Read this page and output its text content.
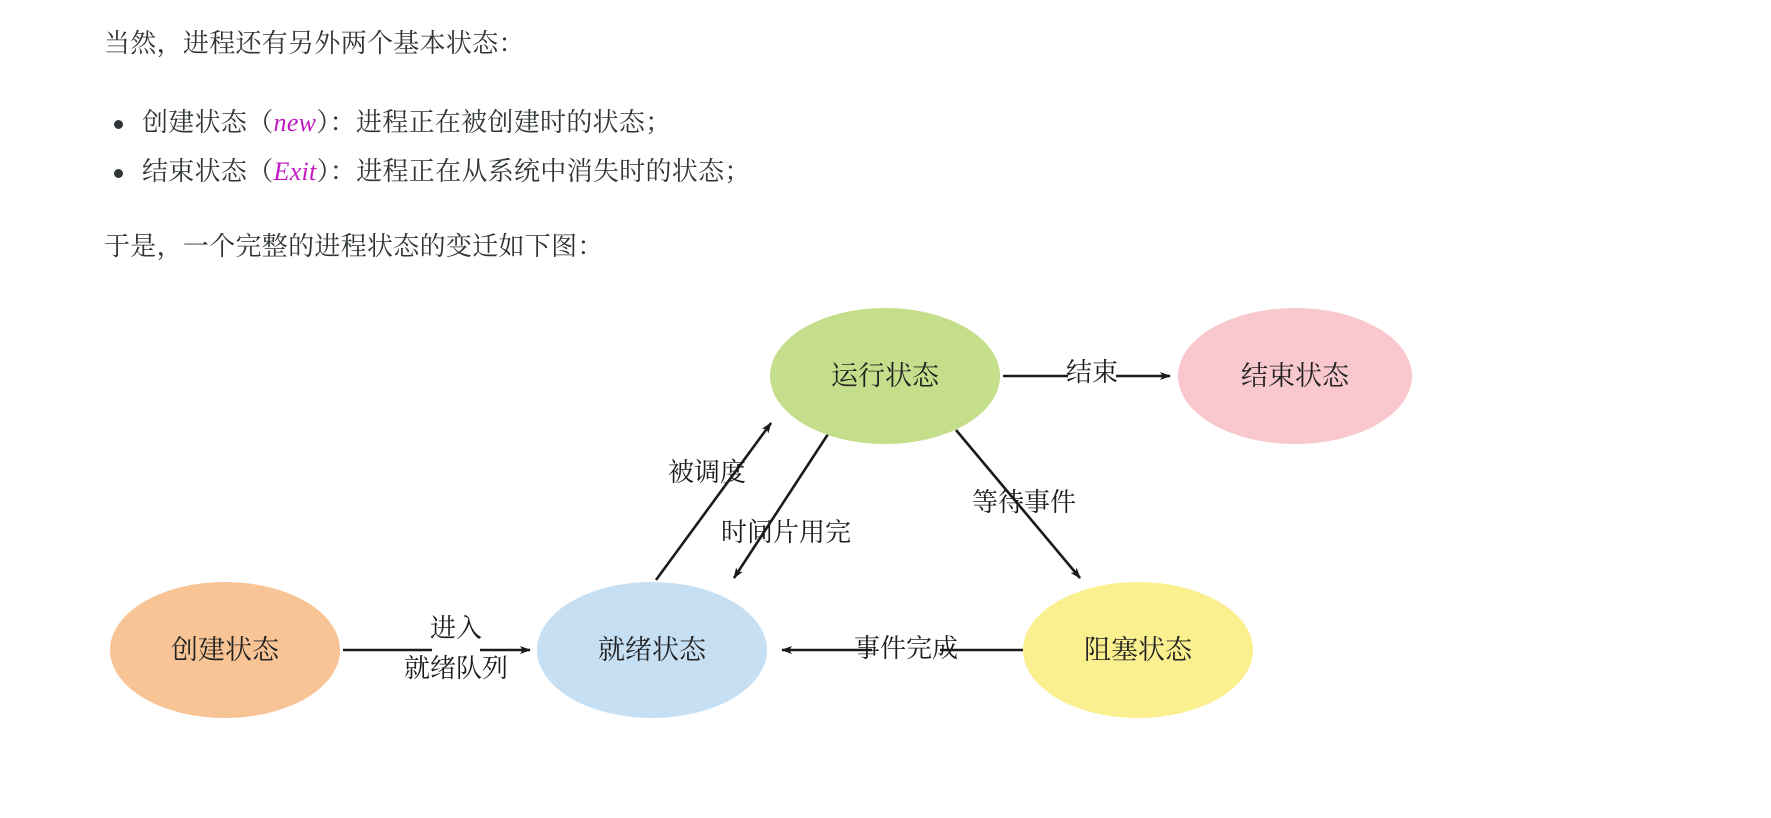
当然，进程还有另外两个基本状态：
创建状态（new）：进程正在被创建时的状态；
结束状态（Exit）：进程正在从系统中消失时的状态；
于是，一个完整的进程状态的变迁如下图：
进入
就绪队列
被调度
时间片用完
等待事件
事件完成
结束
创建状态	就绪状态
运行状态
阻塞状态
结束状态
